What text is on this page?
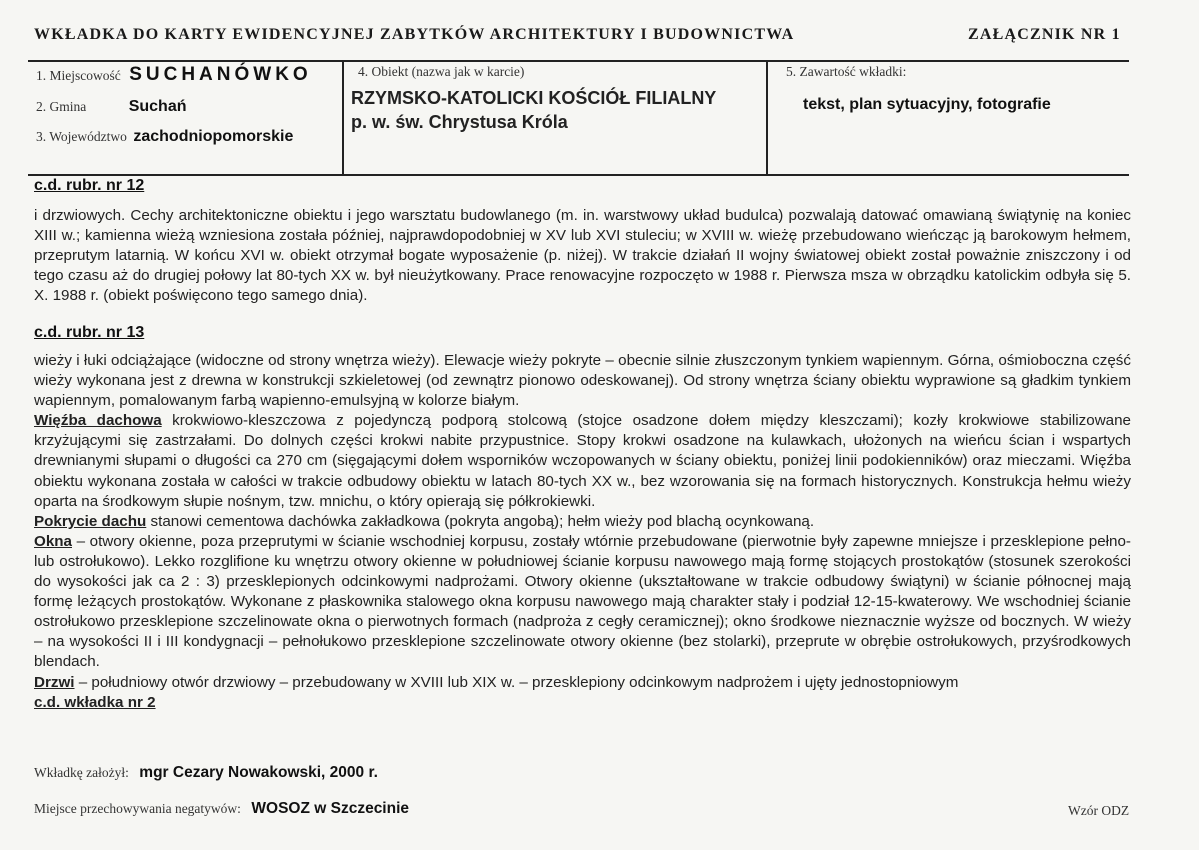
WKŁADKA DO KARTY EWIDENCYJNEJ ZABYTKÓW ARCHITEKTURY I BUDOWNICTWA	ZAŁĄCZNIK NR 1
1. Miejscowość SUCHANÓWKO
2. Gmina	Suchań
3. Województwo zachodniopomorskie
4. Obiekt (nazwa jak w karcie)
RZYMSKO-KATOLICKI KOŚCIÓŁ FILIALNY
p. w. św. Chrystusa Króla
5. Zawartość wkładki:
tekst, plan sytuacyjny, fotografie
c.d. rubr. nr 12
i drzwiowych. Cechy architektoniczne obiektu i jego warsztatu budowlanego (m. in. warstwowy układ budulca) pozwalają datować omawianą świątynię na koniec XIII w.; kamienna wieżą wzniesiona została później, najprawdopodobniej w XV lub XVI stuleciu; w XVIII w. wieżę przebudowano wieńcząc ją barokowym hełmem, przeprutym latarnią. W końcu XVI w. obiekt otrzymał bogate wyposażenie (p. niżej). W trakcie działań II wojny światowej obiekt został poważnie zniszczony i od tego czasu aż do drugiej połowy lat 80-tych XX w. był nieużytkowany. Prace renowacyjne rozpoczęto w 1988 r. Pierwsza msza w obrządku katolickim odbyła się 5. X. 1988 r. (obiekt poświęcono tego samego dnia).
c.d. rubr. nr 13
wieży i łuki odciążające (widoczne od strony wnętrza wieży). Elewacje wieży pokryte – obecnie silnie złuszczonym tynkiem wapiennym. Górna, ośmioboczna część wieży wykonana jest z drewna w konstrukcji szkieletowej (od zewnątrz pionowo odeskowanej). Od strony wnętrza ściany obiektu wyprawione są gładkim tynkiem wapiennym, pomalowanym farbą wapienno-emulsyjną w kolorze białym.
Więźba dachowa krokwiowo-kleszczowa z pojedynczą podporą stolcową (stojce osadzone dołem między kleszczami); kozły krokwiowe stabilizowane krzyżującymi się zastrzałami. Do dolnych części krokwi nabite przypustnice. Stopy krokwi osadzone na kulawkach, ułożonych na wieńcu ścian i wspartych drewnianymi słupami o długości ca 270 cm (sięgającymi dołem wsporników wczopowanych w ściany obiektu, poniżej linii podokienników) oraz mieczami. Więźba obiektu wykonana została w całości w trakcie odbudowy obiektu w latach 80-tych XX w., bez wzorowania się na formach historycznych. Konstrukcja hełmu wieży oparta na środkowym słupie nośnym, tzw. mnichu, o który opierają się półkrokiewki.
Pokrycie dachu stanowi cementowa dachówka zakładkowa (pokryta angobą); hełm wieży pod blachą ocynkowaną.
Okna – otwory okienne, poza przeprutymi w ścianie wschodniej korpusu, zostały wtórnie przebudowane (pierwotnie były zapewne mniejsze i przesklepione pełno- lub ostrołukowo). Lekko rozglifione ku wnętrzu otwory okienne w południowej ścianie korpusu nawowego mają formę stojących prostokątów (stosunek szerokości do wysokości jak ca 2 : 3) przesklepionych odcinkowymi nadprożami. Otwory okienne (ukształtowane w trakcie odbudowy świątyni) w ścianie północnej mają formę leżących prostokątów. Wykonane z płaskownika stalowego okna korpusu nawowego mają charakter stały i podział 12-15-kwaterowy. We wschodniej ścianie ostrołukowo przesklepione szczelinowate okna o pierwotnych formach (nadproża z cegły ceramicznej); okno środkowe nieznacznie wyższe od bocznych. W wieży – na wysokości II i III kondygnacji – pełnołukowo przesklepione szczelinowate otwory okienne (bez stolarki), przeprute w obrębie ostrołukowych, przyśrodkowych blendach.
Drzwi – południowy otwór drzwiowy – przebudowany w XVIII lub XIX w. – przesklepiony odcinkowym nadprożem i ujęty jednostopniowym
c.d. wkładka nr 2
Wkładkę założył: mgr Cezary Nowakowski, 2000 r.
Miejsce przechowywania negatywów: WOSOZ w Szczecinie	Wzór ODZ
